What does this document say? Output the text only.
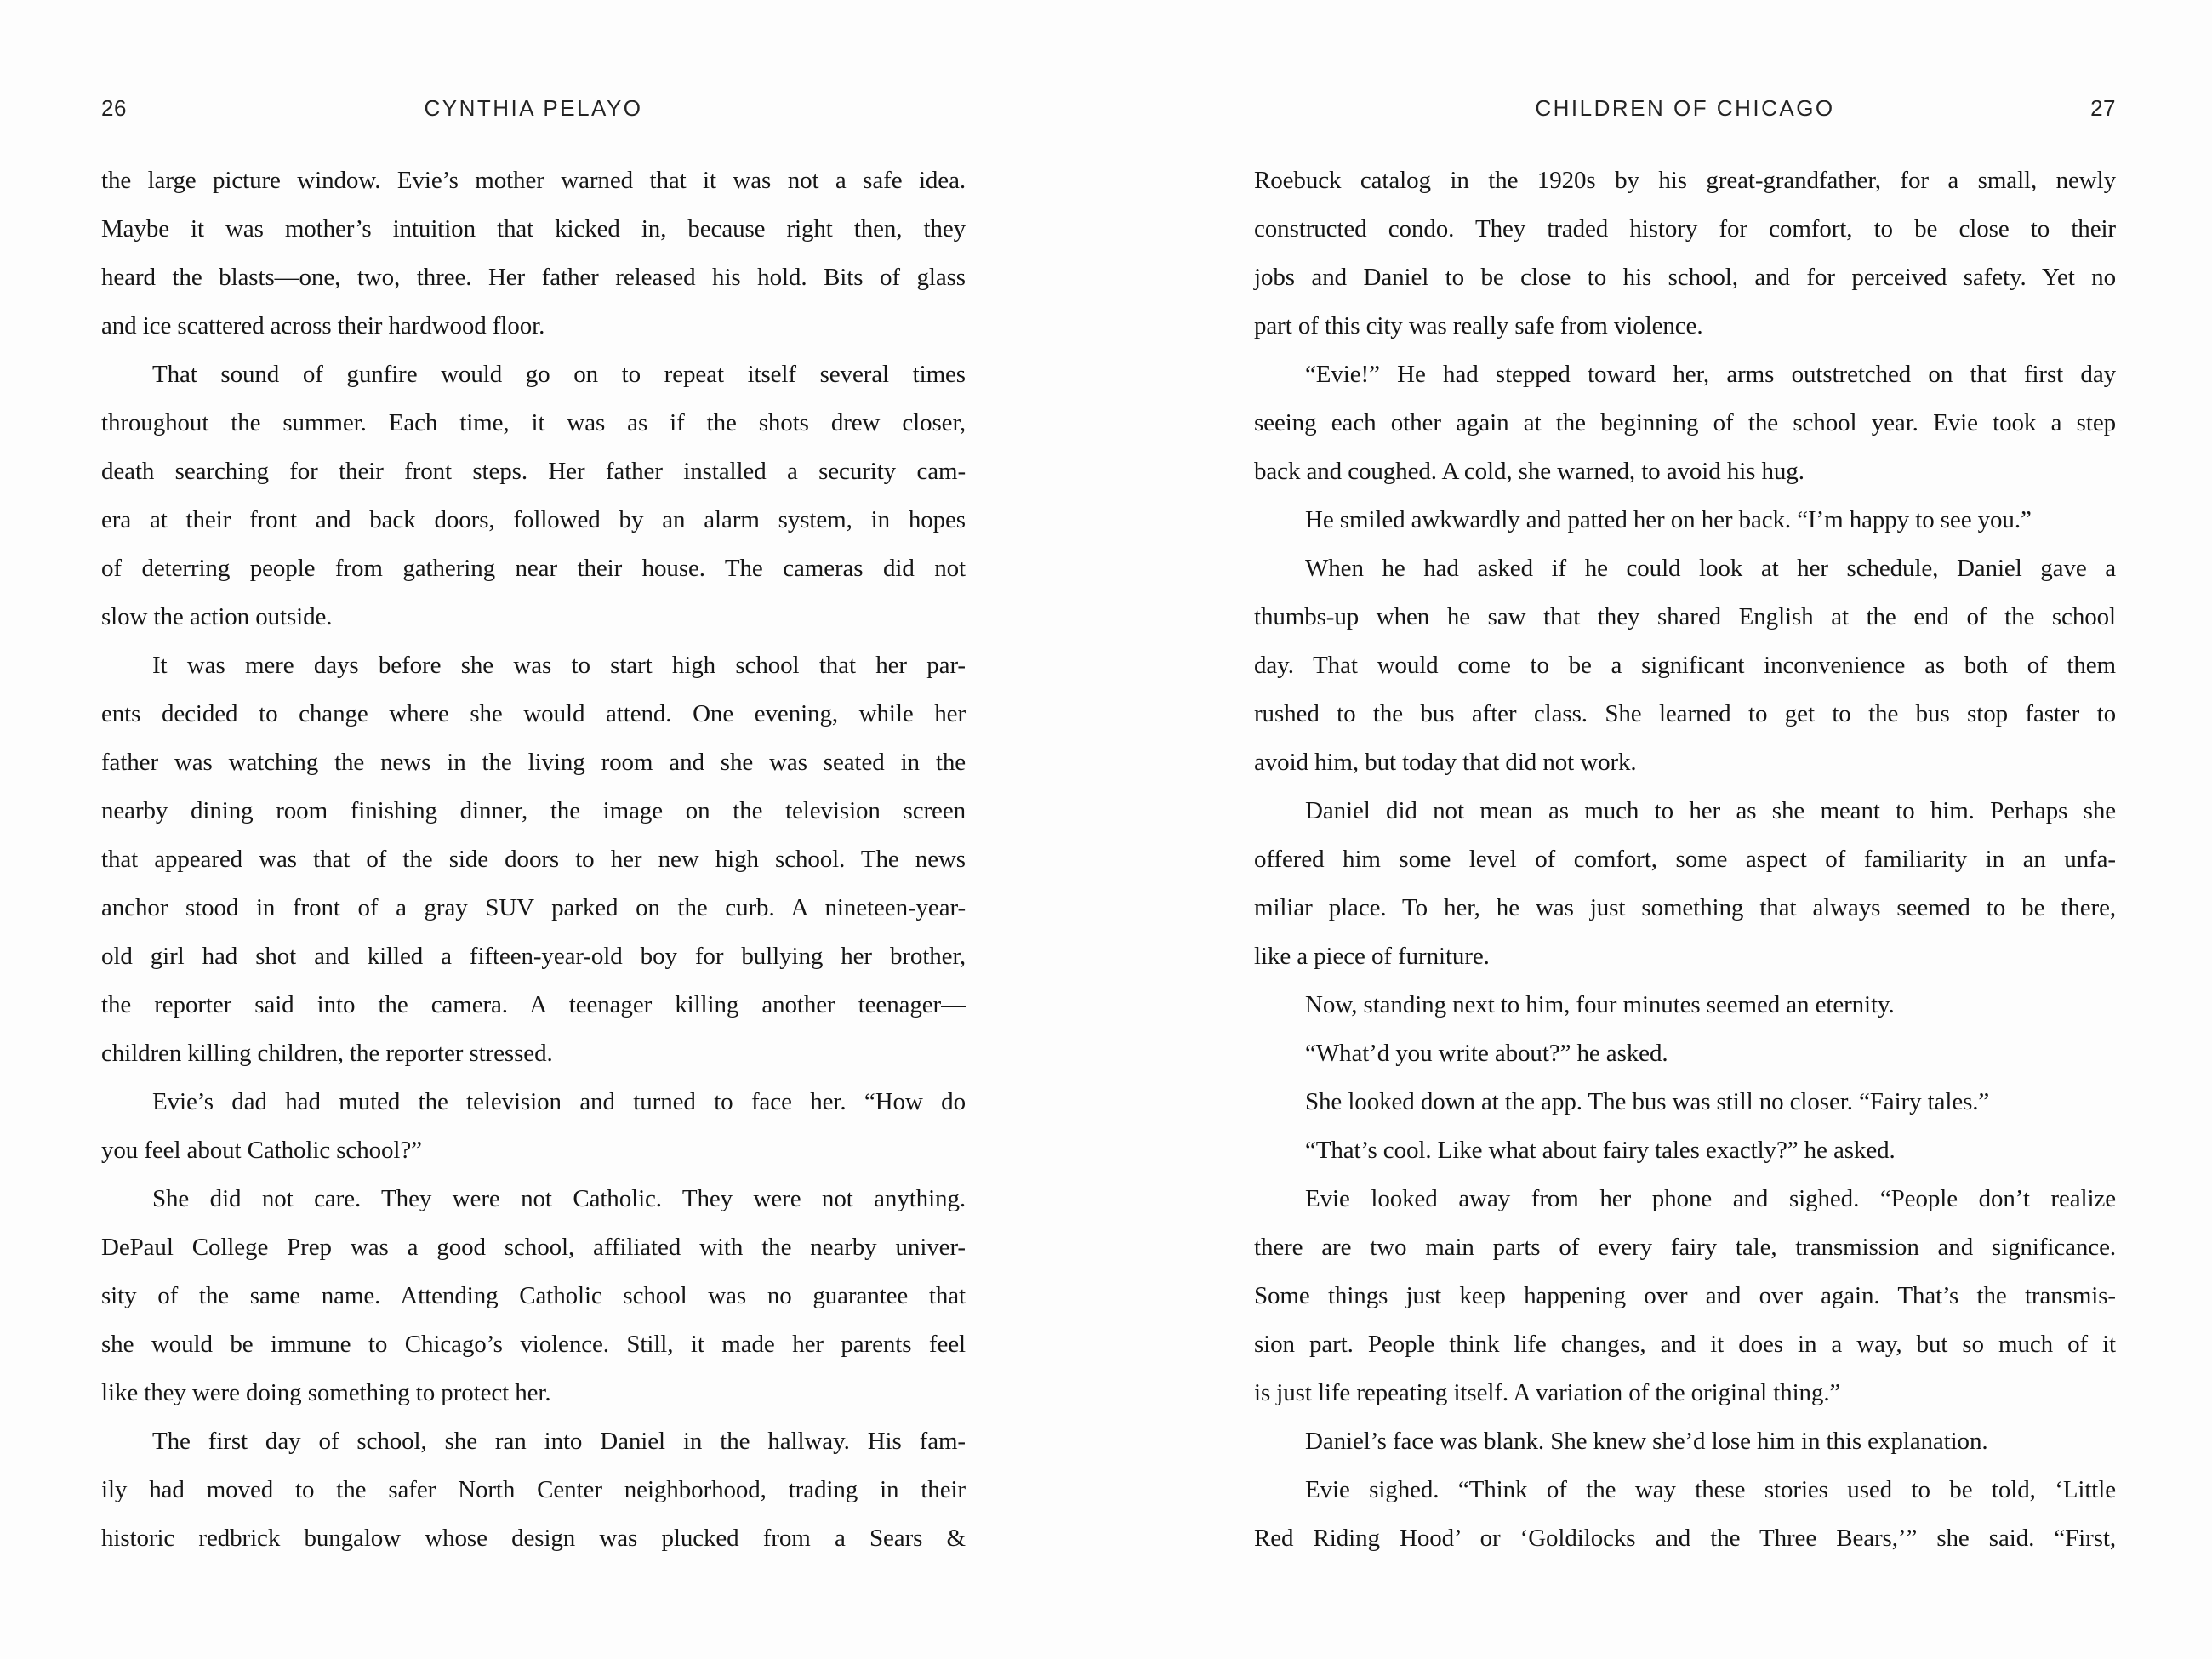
26	CYNTHIA PELAYO
the large picture window. Evie’s mother warned that it was not a safe idea.
Maybe it was mother’s intuition that kicked in, because right then, they
heard the blasts—one, two, three. Her father released his hold. Bits of glass
and ice scattered across their hardwood floor.
That sound of gunfire would go on to repeat itself several times
throughout the summer. Each time, it was as if the shots drew closer,
death searching for their front steps. Her father installed a security cam-
era at their front and back doors, followed by an alarm system, in hopes
of deterring people from gathering near their house. The cameras did not
slow the action outside.
It was mere days before she was to start high school that her par-
ents decided to change where she would attend. One evening, while her
father was watching the news in the living room and she was seated in the
nearby dining room finishing dinner, the image on the television screen
that appeared was that of the side doors to her new high school. The news
anchor stood in front of a gray SUV parked on the curb. A nineteen-year-
old girl had shot and killed a fifteen-year-old boy for bullying her brother,
the reporter said into the camera. A teenager killing another teenager—
children killing children, the reporter stressed.
Evie’s dad had muted the television and turned to face her. “How do
you feel about Catholic school?”
She did not care. They were not Catholic. They were not anything.
DePaul College Prep was a good school, affiliated with the nearby univer-
sity of the same name. Attending Catholic school was no guarantee that
she would be immune to Chicago’s violence. Still, it made her parents feel
like they were doing something to protect her.
The first day of school, she ran into Daniel in the hallway. His fam-
ily had moved to the safer North Center neighborhood, trading in their
historic redbrick bungalow whose design was plucked from a Sears &
CHILDREN OF CHICAGO	27
Roebuck catalog in the 1920s by his great-grandfather, for a small, newly
constructed condo. They traded history for comfort, to be close to their
jobs and Daniel to be close to his school, and for perceived safety. Yet no
part of this city was really safe from violence.
“Evie!” He had stepped toward her, arms outstretched on that first day
seeing each other again at the beginning of the school year. Evie took a step
back and coughed. A cold, she warned, to avoid his hug.
He smiled awkwardly and patted her on her back. “I’m happy to see you.”
When he had asked if he could look at her schedule, Daniel gave a
thumbs-up when he saw that they shared English at the end of the school
day. That would come to be a significant inconvenience as both of them
rushed to the bus after class. She learned to get to the bus stop faster to
avoid him, but today that did not work.
Daniel did not mean as much to her as she meant to him. Perhaps she
offered him some level of comfort, some aspect of familiarity in an unfa-
miliar place. To her, he was just something that always seemed to be there,
like a piece of furniture.
Now, standing next to him, four minutes seemed an eternity.
“What’d you write about?” he asked.
She looked down at the app. The bus was still no closer. “Fairy tales.”
“That’s cool. Like what about fairy tales exactly?” he asked.
Evie looked away from her phone and sighed. “People don’t realize
there are two main parts of every fairy tale, transmission and significance.
Some things just keep happening over and over again. That’s the transmis-
sion part. People think life changes, and it does in a way, but so much of it
is just life repeating itself. A variation of the original thing.”
Daniel’s face was blank. She knew she’d lose him in this explanation.
Evie sighed. “Think of the way these stories used to be told, ‘Little
Red Riding Hood’ or ‘Goldilocks and the Three Bears,’” she said. “First,
